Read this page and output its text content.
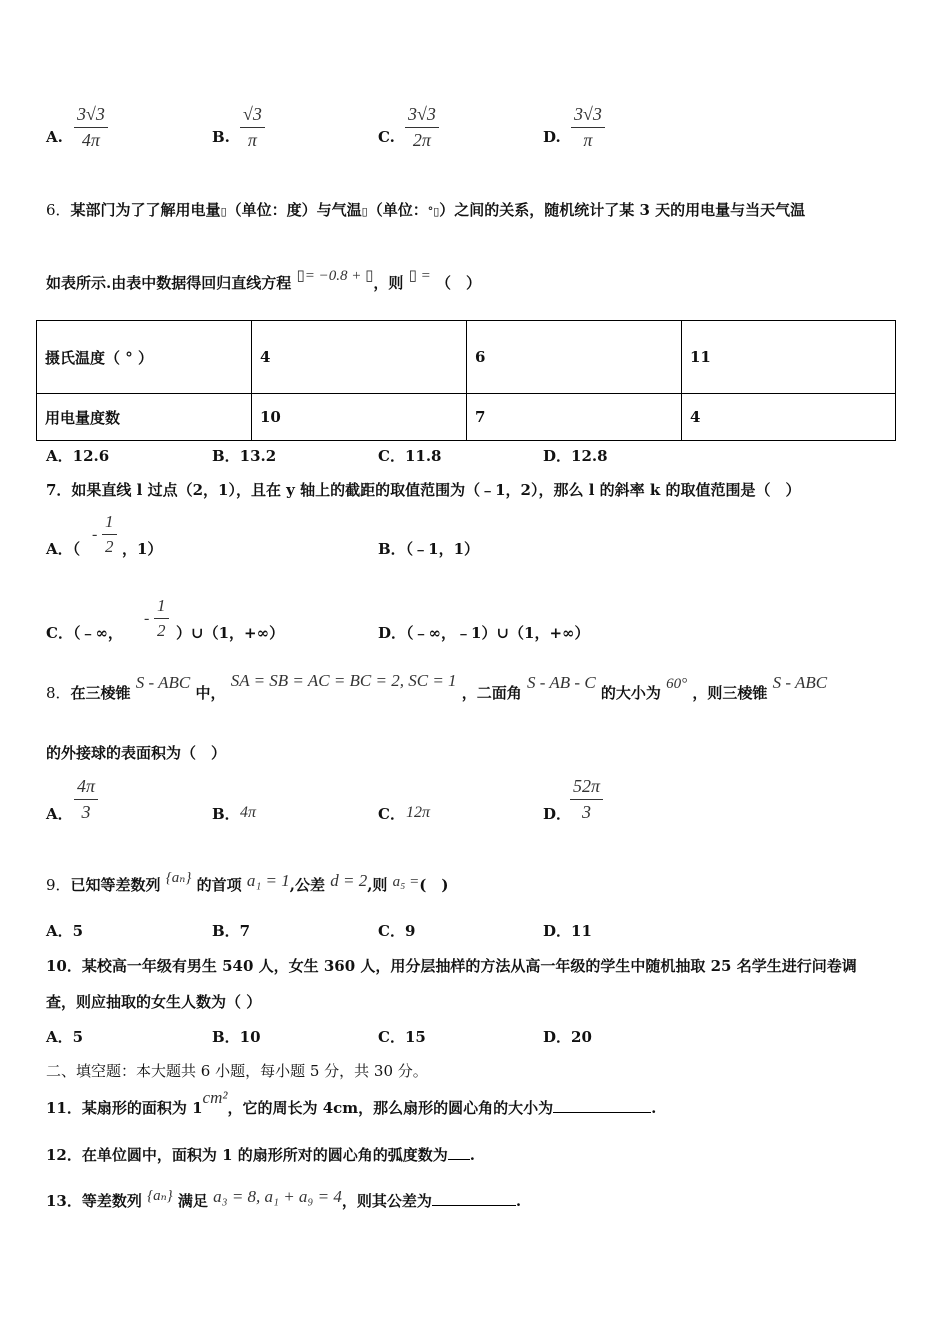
A.
3√3
4π	B.
√3
π	C.
3√3
2π	D.
3√3
π
6．某部门为了了解用电量▯（单位：度）与气温▯（单位：°▯）之间的关系，随机统计了某 3 天的用电量与当天气温
如表所示.由表中数据得回归直线方程 ▯= −0.8 + ▯，则 ▯ = （　）
摄氏温度（ ° ）	4	6	11
用电量度数	10	7	4
A．12.6	B．13.2	C．11.8	D．12.8
7．如果直线 l 过点（2，1），且在 y 轴上的截距的取值范围为（﹣1，2），那么 l 的斜率 k 的取值范围是（　）
A．（
-
1
2 ，1）	B．（﹣1，1）
C．（﹣∞，
-
1
2 ）∪（1，+∞）	D．（﹣∞，﹣1）∪（1，+∞）
8．在三棱锥 S - ABC 中， SA = SB = AC = BC = 2, SC = 1 ，二面角 S - AB - C 的大小为 60° ，则三棱锥 S - ABC
的外接球的表面积为（　）
A．
4π
3	B． 4π	C． 12π	D．
52π
3
9．已知等差数列 {aₙ} 的首项 a₁ = 1,公差 d = 2,则 a₅ =(　)
A．5	B．7	C．9	D．11
10．某校高一年级有男生 540 人，女生 360 人，用分层抽样的方法从高一年级的学生中随机抽取 25 名学生进行问卷调
查，则应抽取的女生人数为（ ）
A．5	B．10	C．15	D．20
二、填空题：本大题共 6 小题，每小题 5 分，共 30 分。
11．某扇形的面积为 1cm²，它的周长为 4cm，那么扇形的圆心角的大小为	.
12．在单位圆中，面积为 1 的扇形所对的圆心角的弧度数为 .
13．等差数列 {aₙ} 满足 a₃ = 8, a₁ + a₉ = 4，则其公差为	.
